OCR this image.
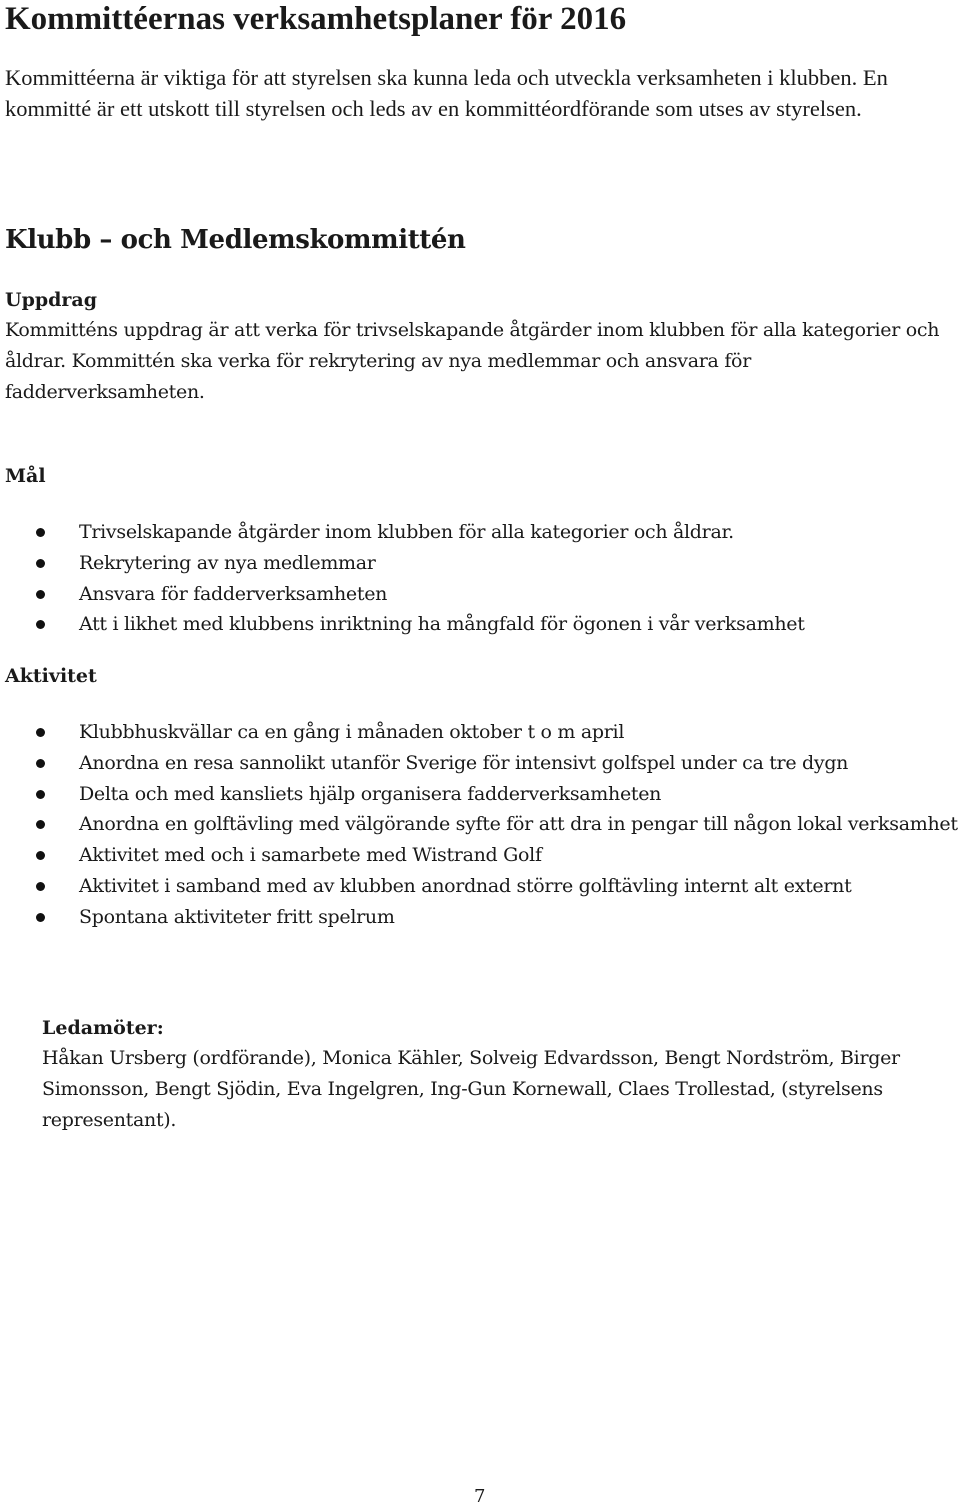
Kommittéernas verksamhetsplaner för 2016

Kommittéerna är viktiga för att styrelsen ska kunna leda och utveckla verksamheten i klubben. En kommitté är ett utskott till styrelsen och leds av en kommittéordförande som utses av styrelsen.

Klubb – och Medlemskommittén

Uppdrag

Kommitténs uppdrag är att verka för trivselskapande åtgärder inom klubben för alla kategorier och åldrar. Kommittén ska verka för rekrytering av nya medlemmar och ansvara för fadderverksamheten.

Mål

Trivselskapande åtgärder inom klubben för alla kategorier och åldrar.
Rekrytering av nya medlemmar
Ansvara för fadderverksamheten
Att i likhet med klubbens inriktning ha mångfald för ögonen i vår verksamhet

Aktivitet

Klubbhuskvällar ca en gång i månaden oktober t o m april
Anordna en resa sannolikt utanför Sverige för intensivt golfspel under ca tre dygn
Delta och med kansliets hjälp organisera fadderverksamheten
Anordna en golftävling med välgörande syfte för att dra in pengar till någon lokal verksamhet
Aktivitet med och i samarbete med Wistrand Golf
Aktivitet i samband med av klubben anordnad större golftävling internt alt externt
Spontana aktiviteter fritt spelrum

Ledamöter:

Håkan Ursberg (ordförande), Monica Kähler, Solveig Edvardsson, Bengt Nordström, Birger Simonsson, Bengt Sjödin, Eva Ingelgren, Ing-Gun Kornewall, Claes Trollestad, (styrelsens representant).

7
